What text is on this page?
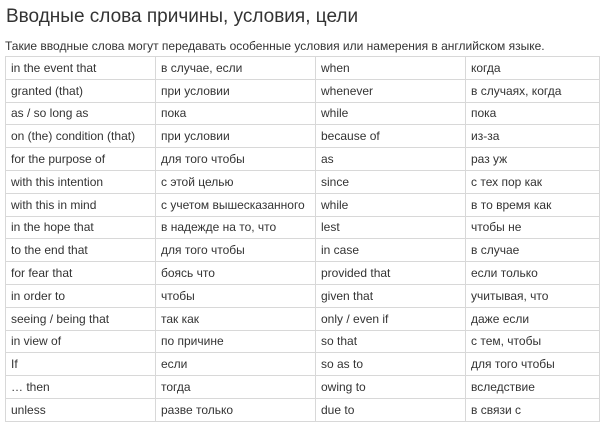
Вводные слова причины, условия, цели
Такие вводные слова могут передавать особенные условия или намерения в английском языке.
in the event that	в случае, если	when	когда
granted (that)	при условии	whenever	в случаях, когда
as / so long as	пока	while	пока
on (the) condition (that)	при условии	because of	из-за
for the purpose of	для того чтобы	as	раз уж
with this intention	с этой целью	since	с тех пор как
with this in mind	с учетом вышесказанного	while	в то время как
in the hope that	в надежде на то, что	lest	чтобы не
to the end that	для того чтобы	in case	в случае
for fear that	боясь что	provided that	если только
in order to	чтобы	given that	учитывая, что
seeing / being that	так как	only / even if	даже если
in view of	по причине	so that	с тем, чтобы
If	если	so as to	для того чтобы
… then	тогда	owing to	вследствие
unless	разве только	due to	в связи с
